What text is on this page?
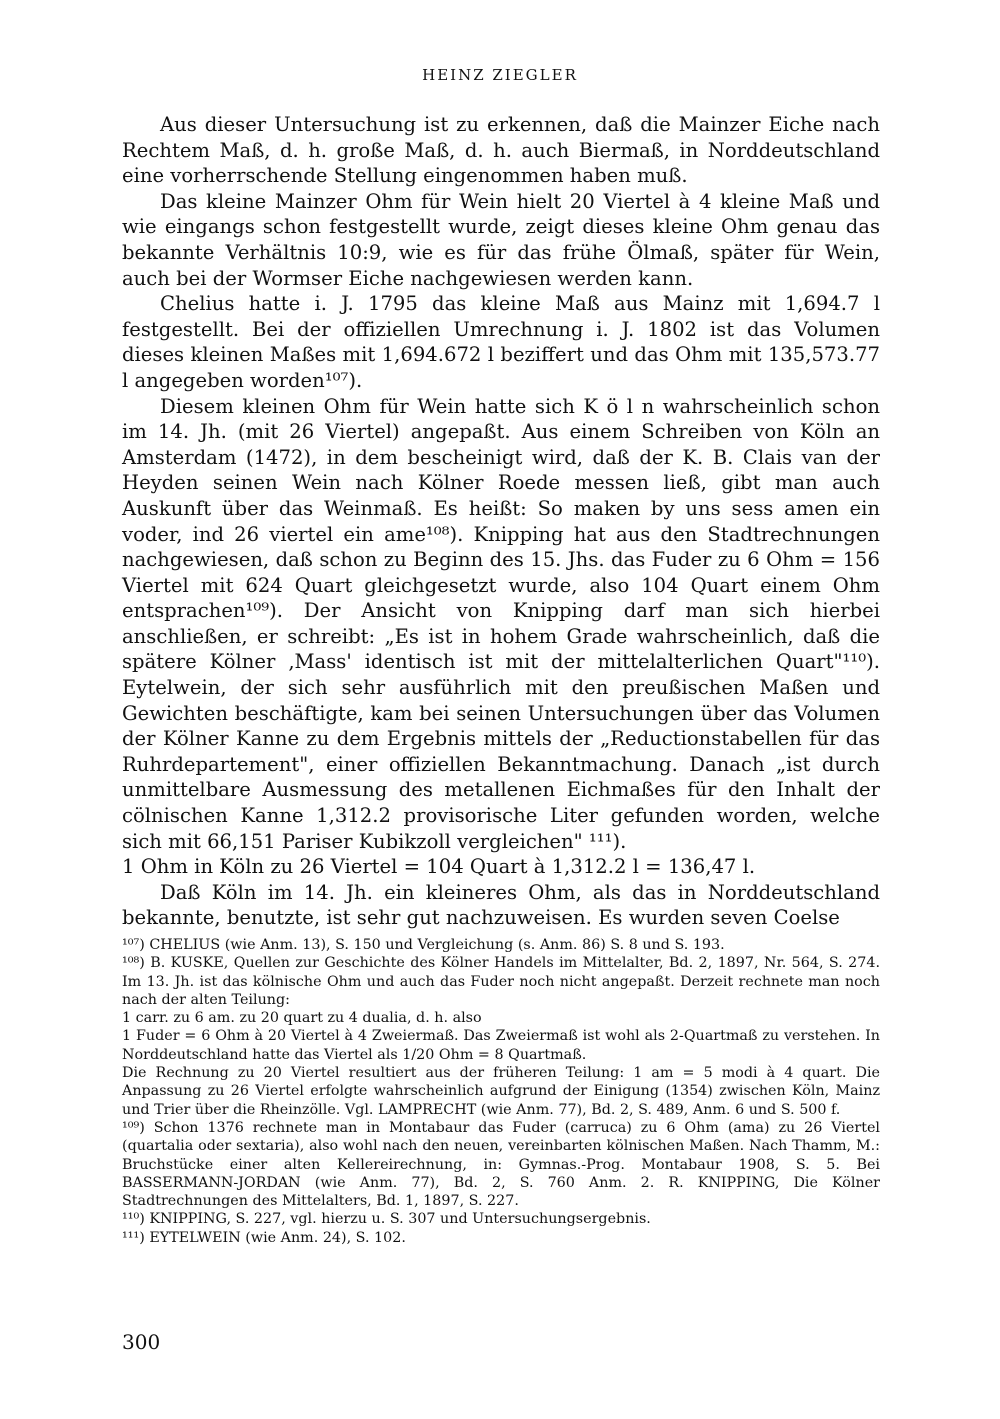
HEINZ ZIEGLER

Aus dieser Untersuchung ist zu erkennen, daß die Mainzer Eiche nach Rechtem Maß, d. h. große Maß, d. h. auch Biermaß, in Norddeutschland eine vorherrschende Stellung eingenommen haben muß.

Das kleine Mainzer Ohm für Wein hielt 20 Viertel à 4 kleine Maß und wie eingangs schon festgestellt wurde, zeigt dieses kleine Ohm genau das bekannte Verhältnis 10:9, wie es für das frühe Ölmaß, später für Wein, auch bei der Wormser Eiche nachgewiesen werden kann.

Chelius hatte i. J. 1795 das kleine Maß aus Mainz mit 1,694.7 l festgestellt. Bei der offiziellen Umrechnung i. J. 1802 ist das Volumen dieses kleinen Maßes mit 1,694.672 l beziffert und das Ohm mit 135,573.77 l angegeben worden¹⁰⁷).

Diesem kleinen Ohm für Wein hatte sich K ö l n wahrscheinlich schon im 14. Jh. (mit 26 Viertel) angepaßt. Aus einem Schreiben von Köln an Amsterdam (1472), in dem bescheinigt wird, daß der K. B. Clais van der Heyden seinen Wein nach Kölner Roede messen ließ, gibt man auch Auskunft über das Weinmaß. Es heißt: So maken by uns sess amen ein voder, ind 26 viertel ein ame¹⁰⁸). Knipping hat aus den Stadtrechnungen nachgewiesen, daß schon zu Beginn des 15. Jhs. das Fuder zu 6 Ohm = 156 Viertel mit 624 Quart gleichgesetzt wurde, also 104 Quart einem Ohm entsprachen¹⁰⁹). Der Ansicht von Knipping darf man sich hierbei anschließen, er schreibt: „Es ist in hohem Grade wahrscheinlich, daß die spätere Kölner ‚Mass' identisch ist mit der mittelalterlichen Quart"¹¹⁰). Eytelwein, der sich sehr ausführlich mit den preußischen Maßen und Gewichten beschäftigte, kam bei seinen Untersuchungen über das Volumen der Kölner Kanne zu dem Ergebnis mittels der „Reductionstabellen für das Ruhrdepartement", einer offiziellen Bekanntmachung. Danach „ist durch unmittelbare Ausmessung des metallenen Eichmaßes für den Inhalt der cölnischen Kanne 1,312.2 provisorische Liter gefunden worden, welche sich mit 66,151 Pariser Kubikzoll vergleichen" ¹¹¹).

1 Ohm in Köln zu 26 Viertel = 104 Quart à 1,312.2 l = 136,47 l.

Daß Köln im 14. Jh. ein kleineres Ohm, als das in Norddeutschland bekannte, benutzte, ist sehr gut nachzuweisen. Es wurden seven Coelse

¹⁰⁷) CHELIUS (wie Anm. 13), S. 150 und Vergleichung (s. Anm. 86) S. 8 und S. 193.

¹⁰⁸) B. KUSKE, Quellen zur Geschichte des Kölner Handels im Mittelalter, Bd. 2, 1897, Nr. 564, S. 274. Im 13. Jh. ist das kölnische Ohm und auch das Fuder noch nicht angepaßt. Derzeit rechnete man noch nach der alten Teilung:

1 carr. zu 6 am. zu 20 quart zu 4 dualia, d. h. also

1 Fuder = 6 Ohm à 20 Viertel à 4 Zweiermaß. Das Zweiermaß ist wohl als 2-Quartmaß zu verstehen. In Norddeutschland hatte das Viertel als 1/20 Ohm = 8 Quartmaß.

Die Rechnung zu 20 Viertel resultiert aus der früheren Teilung: 1 am = 5 modi à 4 quart. Die Anpassung zu 26 Viertel erfolgte wahrscheinlich aufgrund der Einigung (1354) zwischen Köln, Mainz und Trier über die Rheinzölle. Vgl. LAMPRECHT (wie Anm. 77), Bd. 2, S. 489, Anm. 6 und S. 500 f.

¹⁰⁹) Schon 1376 rechnete man in Montabaur das Fuder (carruca) zu 6 Ohm (ama) zu 26 Viertel (quartalia oder sextaria), also wohl nach den neuen, vereinbarten kölnischen Maßen. Nach Thamm, M.: Bruchstücke einer alten Kellereirechnung, in: Gymnas.-Prog. Montabaur 1908, S. 5. Bei BASSERMANN-JORDAN (wie Anm. 77), Bd. 2, S. 760 Anm. 2. R. KNIPPING, Die Kölner Stadtrechnungen des Mittelalters, Bd. 1, 1897, S. 227.

¹¹⁰) KNIPPING, S. 227, vgl. hierzu u. S. 307 und Untersuchungsergebnis.

¹¹¹) EYTELWEIN (wie Anm. 24), S. 102.

300
